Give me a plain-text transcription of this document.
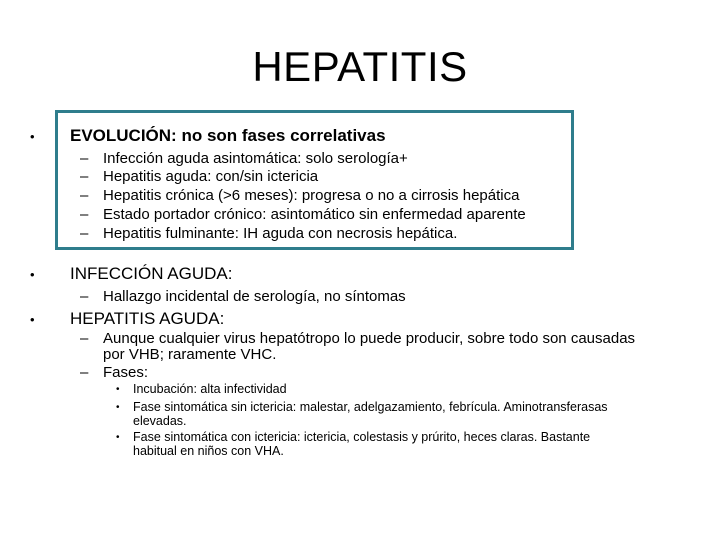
HEPATITIS
• EVOLUCIÓN: no son fases correlativas
– Infección aguda asintomática: solo serología+
– Hepatitis aguda: con/sin ictericia
– Hepatitis crónica (>6 meses): progresa o no a cirrosis hepática
– Estado portador crónico: asintomático sin enfermedad aparente
– Hepatitis fulminante: IH aguda con necrosis hepática.
• INFECCIÓN AGUDA:
– Hallazgo incidental de serología, no síntomas
• HEPATITIS AGUDA:
– Aunque cualquier virus hepatótropo lo puede producir, sobre todo son causadas
por VHB; raramente VHC.
– Fases:
• Incubación: alta infectividad
• Fase sintomática sin ictericia: malestar, adelgazamiento, febrícula. Aminotransferasas
elevadas.
• Fase sintomática con ictericia: ictericia, colestasis y prúrito, heces claras. Bastante
habitual en niños con VHA.
